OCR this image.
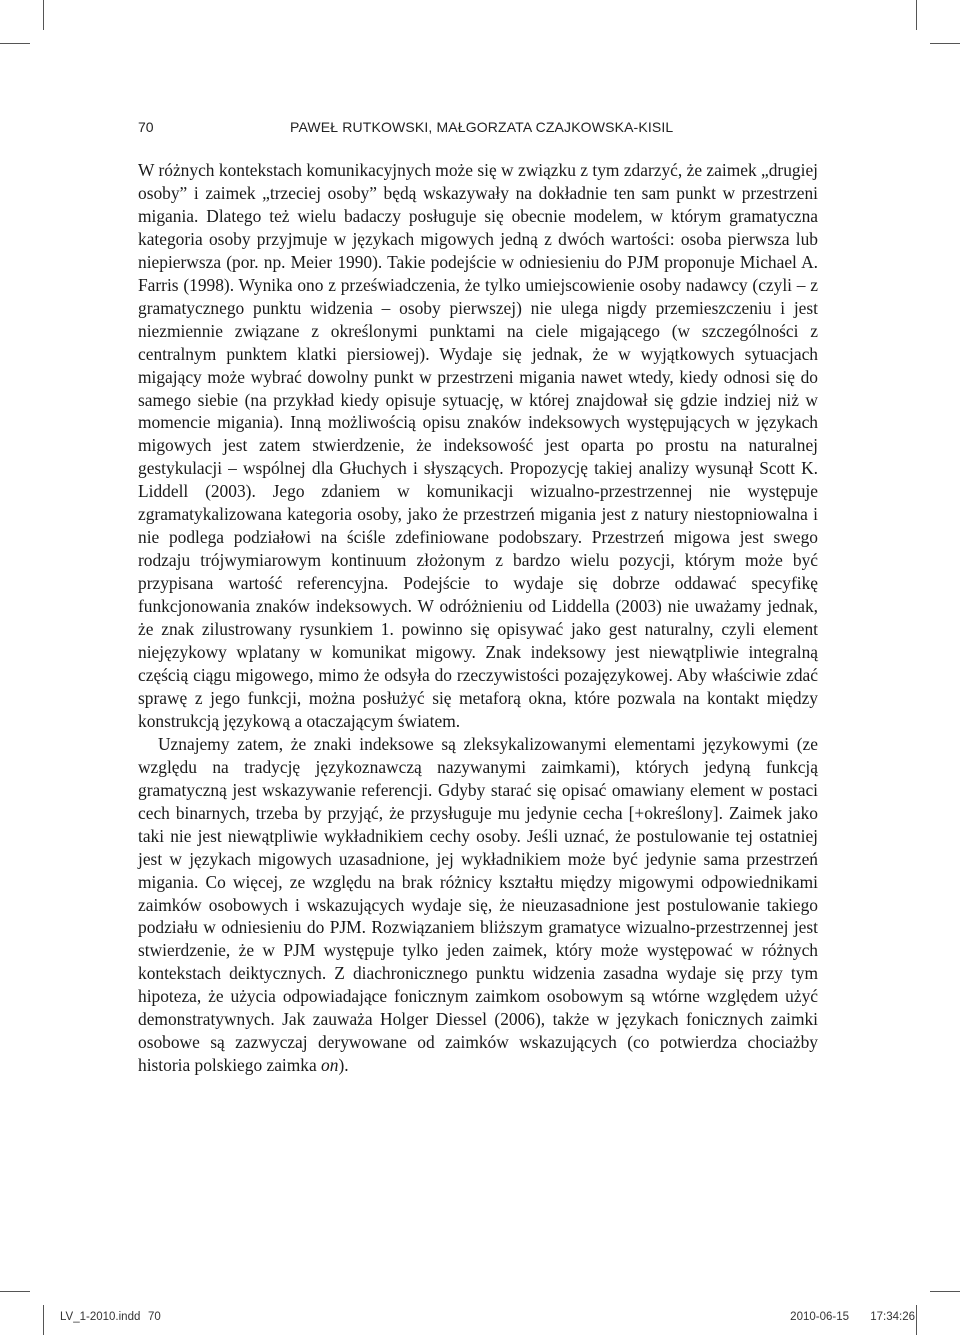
70	PAWEŁ RUTKOWSKI, MAŁGORZATA CZAJKOWSKA-KISIL

W różnych kontekstach komunikacyjnych może się w związku z tym zdarzyć, że zaimek „drugiej osoby” i zaimek „trzeciej osoby” będą wskazywały na dokładnie ten sam punkt w przestrzeni migania. Dlatego też wielu badaczy posługuje się obecnie modelem, w którym gramatyczna kategoria osoby przyjmuje w językach migowych jedną z dwóch wartości: osoba pierwsza lub niepierwsza (por. np. Meier 1990). Takie podejście w odniesieniu do PJM proponuje Michael A. Farris (1998). Wynika ono z przeświadczenia, że tylko umiejscowienie osoby nadawcy (czyli – z gramatycznego punktu widzenia – osoby pierwszej) nie ulega nigdy przemieszczeniu i jest niezmiennie związane z określonymi punktami na ciele migającego (w szczególności z centralnym punktem klatki piersiowej). Wydaje się jednak, że w wyjątkowych sytuacjach migający może wybrać dowolny punkt w przestrzeni migania nawet wtedy, kiedy odnosi się do samego siebie (na przykład kiedy opisuje sytuację, w której znajdował się gdzie indziej niż w momencie migania). Inną możliwością opisu znaków indeksowych występujących w językach migowych jest zatem stwierdzenie, że indeksowość jest oparta po prostu na naturalnej gestykulacji – wspólnej dla Głuchych i słyszących. Propozycję takiej analizy wysunął Scott K. Liddell (2003). Jego zdaniem w komunikacji wizualno-przestrzennej nie występuje zgramatykalizowana kategoria osoby, jako że przestrzeń migania jest z natury niestopniowalna i nie podlega podziałowi na ściśle zdefiniowane podobszary. Przestrzeń migowa jest swego rodzaju trójwymiarowym kontinuum złożonym z bardzo wielu pozycji, którym może być przypisana wartość referencyjna. Podejście to wydaje się dobrze oddawać specyfikę funkcjonowania znaków indeksowych. W odróżnieniu od Liddella (2003) nie uważamy jednak, że znak zilustrowany rysunkiem 1. powinno się opisywać jako gest naturalny, czyli element niejęzykowy wplatany w komunikat migowy. Znak indeksowy jest niewątpliwie integralną częścią ciągu migowego, mimo że odsyła do rzeczywistości pozajęzykowej. Aby właściwie zdać sprawę z jego funkcji, można posłużyć się metaforą okna, które pozwala na kontakt między konstrukcją językową a otaczającym światem.

Uznajemy zatem, że znaki indeksowe są zleksykalizowanymi elementami językowymi (ze względu na tradycję językoznawczą nazywanymi zaimkami), których jedyną funkcją gramatyczną jest wskazywanie referencji. Gdyby starać się opisać omawiany element w postaci cech binarnych, trzeba by przyjąć, że przysługuje mu jedynie cecha [+określony]. Zaimek jako taki nie jest niewątpliwie wykładnikiem cechy osoby. Jeśli uznać, że postulowanie tej ostatniej jest w językach migowych uzasadnione, jej wykładnikiem może być jedynie sama przestrzeń migania. Co więcej, ze względu na brak różnicy kształtu między migowymi odpowiednikami zaimków osobowych i wskazujących wydaje się, że nieuzasadnione jest postulowanie takiego podziału w odniesieniu do PJM. Rozwiązaniem bliższym gramatyce wizualno-przestrzennej jest stwierdzenie, że w PJM występuje tylko jeden zaimek, który może występować w różnych kontekstach deiktycznych. Z diachronicznego punktu widzenia zasadna wydaje się przy tym hipoteza, że użycia odpowiadające fonicznym zaimkom osobowym są wtórne względem użyć demonstratywnych. Jak zauważa Holger Diessel (2006), także w językach fonicznych zaimki osobowe są zazwyczaj derywowane od zaimków wskazujących (co potwierdza chociażby historia polskiego zaimka on).

LV_1-2010.indd 70	2010-06-15 17:34:26
